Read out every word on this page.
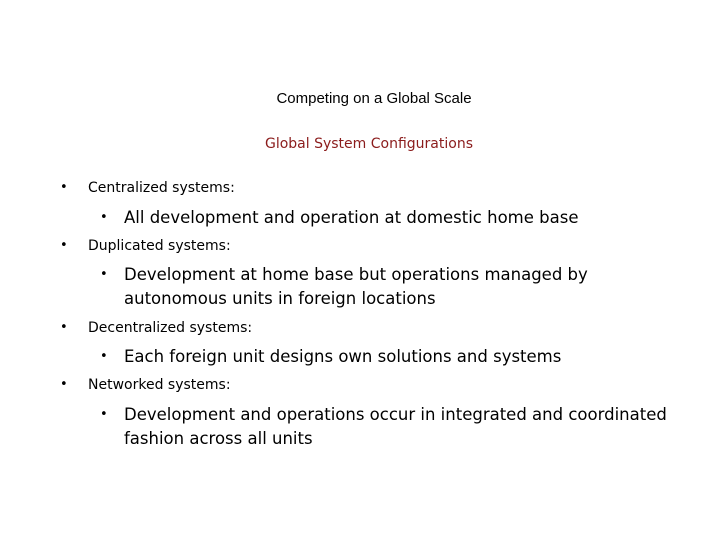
Competing on a Global Scale
Global System Configurations
• Centralized systems:
• All development and operation at domestic home base
• Duplicated systems:
• Development at home base but operations managed by autonomous units in foreign locations
• Decentralized systems:
• Each foreign unit designs own solutions and systems
• Networked systems:
• Development and operations occur in integrated and coordinated fashion across all units
